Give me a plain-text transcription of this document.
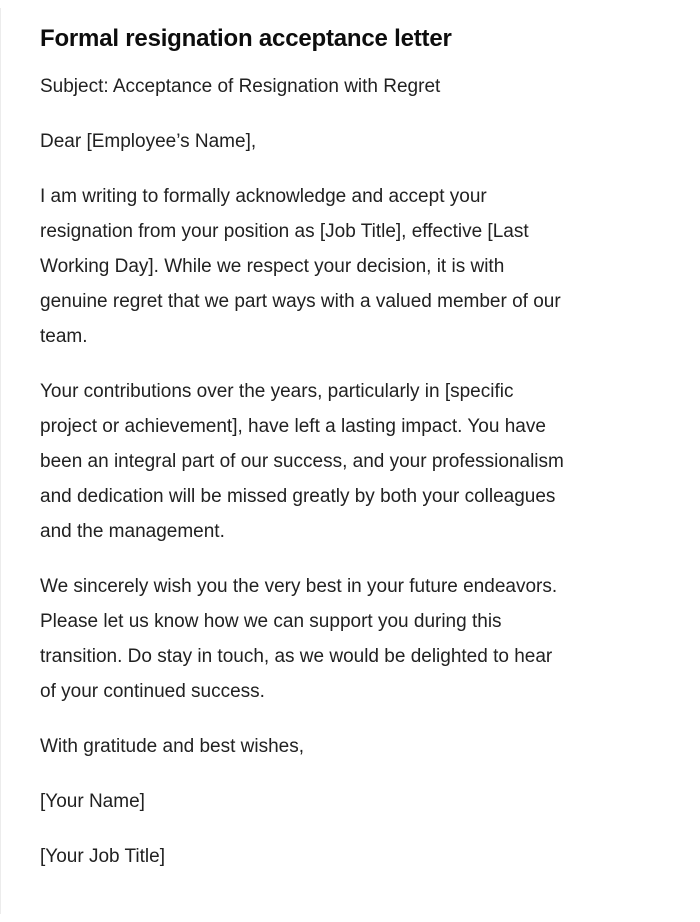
Formal resignation acceptance letter

Subject: Acceptance of Resignation with Regret

Dear [Employee’s Name],

I am writing to formally acknowledge and accept your
resignation from your position as [Job Title], effective [Last
Working Day]. While we respect your decision, it is with
genuine regret that we part ways with a valued member of our
team.

Your contributions over the years, particularly in [specific
project or achievement], have left a lasting impact. You have
been an integral part of our success, and your professionalism
and dedication will be missed greatly by both your colleagues
and the management.

We sincerely wish you the very best in your future endeavors.
Please let us know how we can support you during this
transition. Do stay in touch, as we would be delighted to hear
of your continued success.

With gratitude and best wishes,

[Your Name]

[Your Job Title]
